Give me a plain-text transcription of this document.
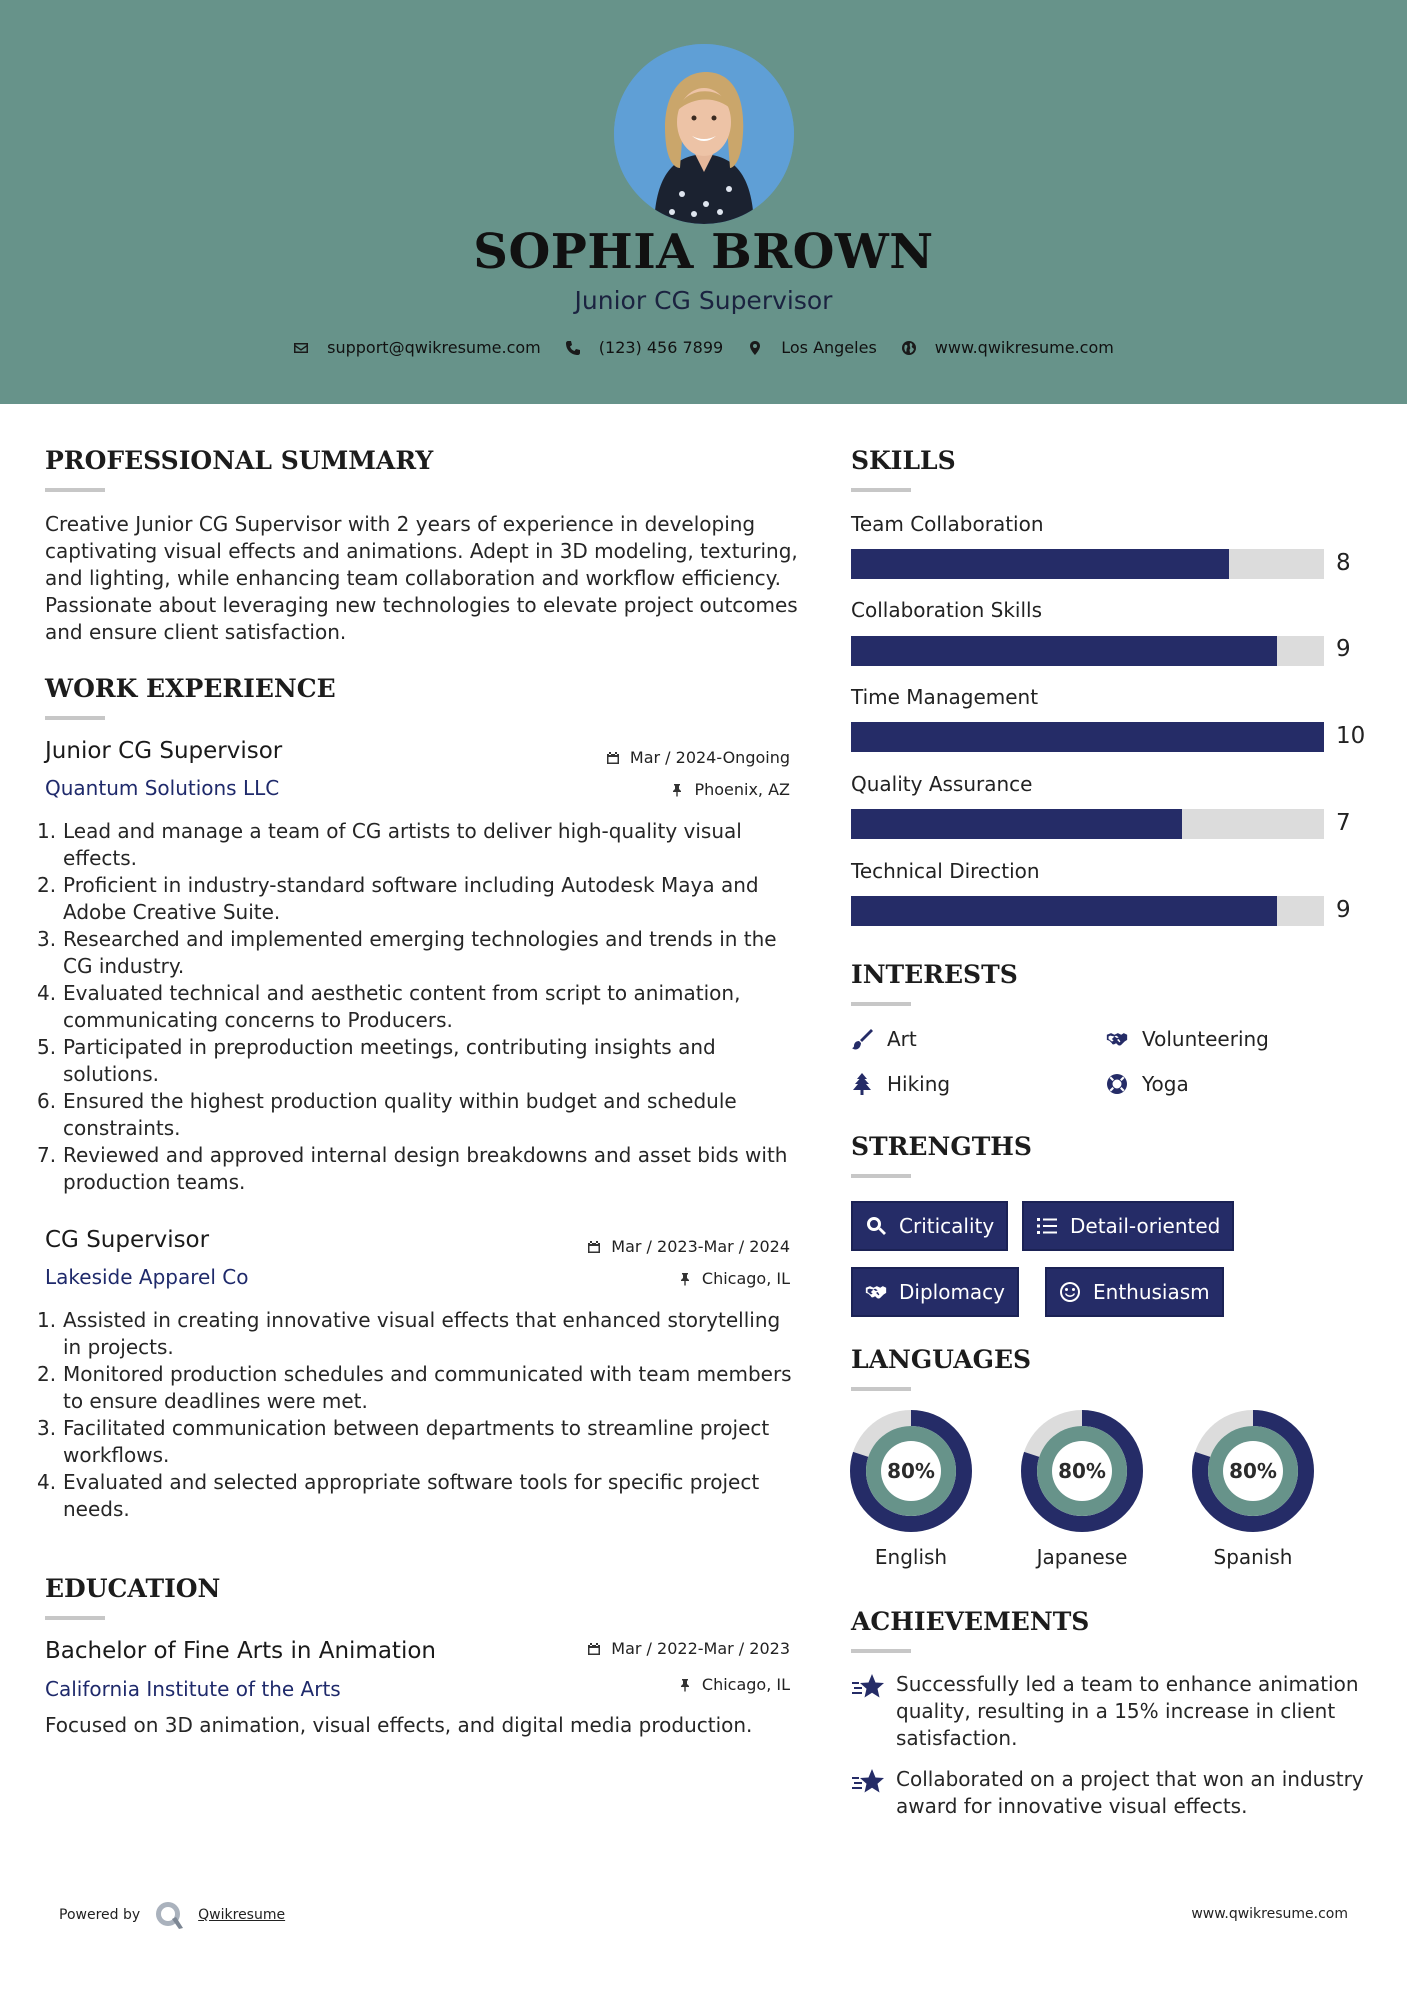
SOPHIA BROWN
Junior CG Supervisor
support@qwikresume.com	(123) 456 7899	Los Angeles	www.qwikresume.com
PROFESSIONAL SUMMARY
Creative Junior CG Supervisor with 2 years of experience in developing captivating visual effects and animations. Adept in 3D modeling, texturing, and lighting, while enhancing team collaboration and workflow efficiency. Passionate about leveraging new technologies to elevate project outcomes and ensure client satisfaction.
WORK EXPERIENCE
Junior CG Supervisor
Quantum Solutions LLC
Mar / 2024-Ongoing
Phoenix, AZ
1. Lead and manage a team of CG artists to deliver high-quality visual effects.
2. Proficient in industry-standard software including Autodesk Maya and Adobe Creative Suite.
3. Researched and implemented emerging technologies and trends in the CG industry.
4. Evaluated technical and aesthetic content from script to animation, communicating concerns to Producers.
5. Participated in preproduction meetings, contributing insights and solutions.
6. Ensured the highest production quality within budget and schedule constraints.
7. Reviewed and approved internal design breakdowns and asset bids with production teams.
CG Supervisor
Lakeside Apparel Co
Mar / 2023-Mar / 2024
Chicago, IL
1. Assisted in creating innovative visual effects that enhanced storytelling in projects.
2. Monitored production schedules and communicated with team members to ensure deadlines were met.
3. Facilitated communication between departments to streamline project workflows.
4. Evaluated and selected appropriate software tools for specific project needs.
EDUCATION
Bachelor of Fine Arts in Animation
California Institute of the Arts
Mar / 2022-Mar / 2023
Chicago, IL
Focused on 3D animation, visual effects, and digital media production.
SKILLS
Team Collaboration
8
Collaboration Skills
9
Time Management
10
Quality Assurance
7
Technical Direction
9
INTERESTS
Art	Volunteering
Hiking	Yoga
STRENGTHS
Criticality	Detail-oriented
Diplomacy	Enthusiasm
LANGUAGES
80%
English
80%
Japanese
80%
Spanish
ACHIEVEMENTS
Successfully led a team to enhance animation quality, resulting in a 15% increase in client satisfaction.
Collaborated on a project that won an industry award for innovative visual effects.
Powered by	Qwikresume	www.qwikresume.com
